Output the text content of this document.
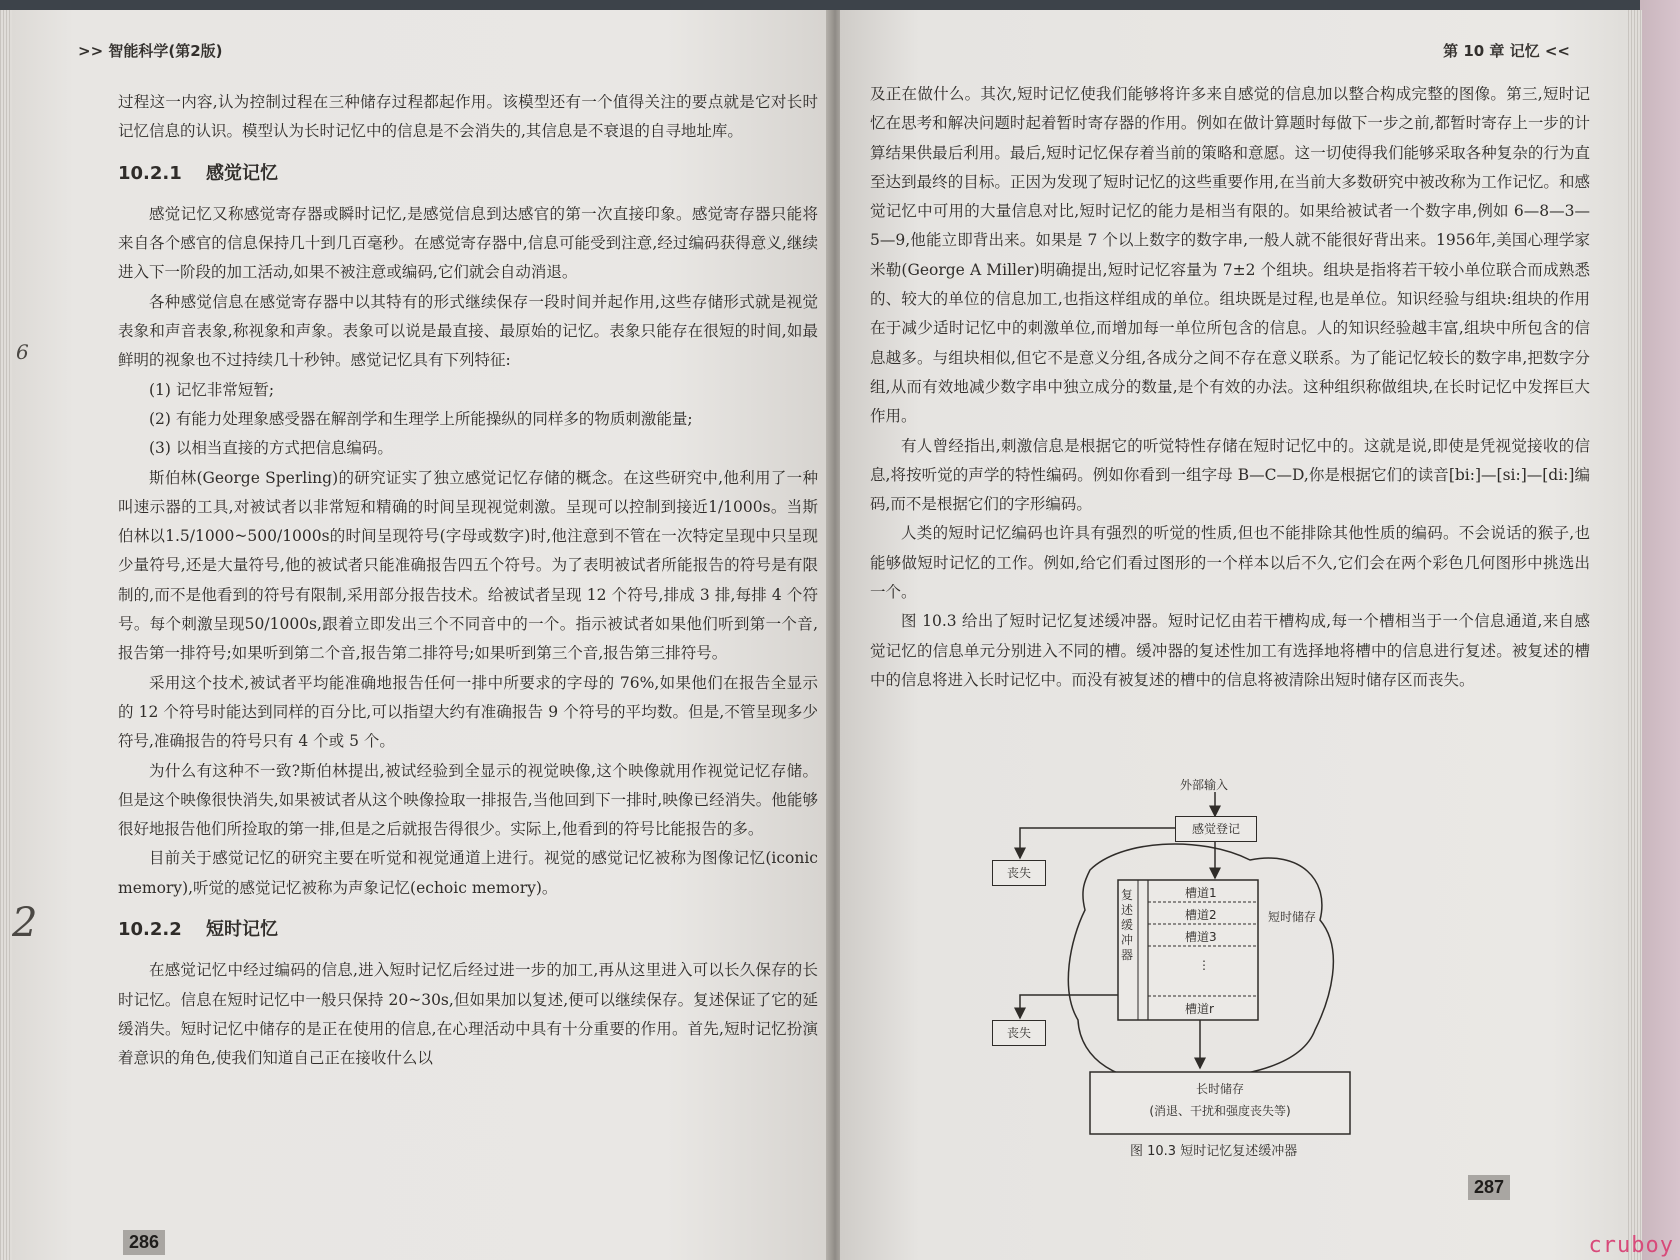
>> 智能科学(第2版)

过程这一内容,认为控制过程在三种储存过程都起作用。该模型还有一个值得关注的要点就是它对长时记忆信息的认识。模型认为长时记忆中的信息是不会消失的,其信息是不衰退的自寻地址库。

10.2.1 感觉记忆

感觉记忆又称感觉寄存器或瞬时记忆,是感觉信息到达感官的第一次直接印象。感觉寄存器只能将来自各个感官的信息保持几十到几百毫秒。在感觉寄存器中,信息可能受到注意,经过编码获得意义,继续进入下一阶段的加工活动,如果不被注意或编码,它们就会自动消退。

各种感觉信息在感觉寄存器中以其特有的形式继续保存一段时间并起作用,这些存储形式就是视觉表象和声音表象,称视象和声象。表象可以说是最直接、最原始的记忆。表象只能存在很短的时间,如最鲜明的视象也不过持续几十秒钟。感觉记忆具有下列特征:

(1) 记忆非常短暂;

(2) 有能力处理象感受器在解剖学和生理学上所能操纵的同样多的物质刺激能量;

(3) 以相当直接的方式把信息编码。

斯伯林(George Sperling)的研究证实了独立感觉记忆存储的概念。在这些研究中,他利用了一种叫速示器的工具,对被试者以非常短和精确的时间呈现视觉刺激。呈现可以控制到接近1/1000s。当斯伯林以1.5/1000~500/1000s的时间呈现符号(字母或数字)时,他注意到不管在一次特定呈现中只呈现少量符号,还是大量符号,他的被试者只能准确报告四五个符号。为了表明被试者所能报告的符号是有限制的,而不是他看到的符号有限制,采用部分报告技术。给被试者呈现 12 个符号,排成 3 排,每排 4 个符号。每个刺激呈现50/1000s,跟着立即发出三个不同音中的一个。指示被试者如果他们听到第一个音,报告第一排符号;如果听到第二个音,报告第二排符号;如果听到第三个音,报告第三排符号。

采用这个技术,被试者平均能准确地报告任何一排中所要求的字母的 76%,如果他们在报告全显示的 12 个符号时能达到同样的百分比,可以指望大约有准确报告 9 个符号的平均数。但是,不管呈现多少符号,准确报告的符号只有 4 个或 5 个。

为什么有这种不一致?斯伯林提出,被试经验到全显示的视觉映像,这个映像就用作视觉记忆存储。但是这个映像很快消失,如果被试者从这个映像捡取一排报告,当他回到下一排时,映像已经消失。他能够很好地报告他们所捡取的第一排,但是之后就报告得很少。实际上,他看到的符号比能报告的多。

目前关于感觉记忆的研究主要在听觉和视觉通道上进行。视觉的感觉记忆被称为图像记忆(iconic memory),听觉的感觉记忆被称为声象记忆(echoic memory)。

10.2.2 短时记忆

在感觉记忆中经过编码的信息,进入短时记忆后经过进一步的加工,再从这里进入可以长久保存的长时记忆。信息在短时记忆中一般只保持 20~30s,但如果加以复述,便可以继续保存。复述保证了它的延缓消失。短时记忆中储存的是正在使用的信息,在心理活动中具有十分重要的作用。首先,短时记忆扮演着意识的角色,使我们知道自己正在接收什么以

286
6
2
第 10 章 记忆 <<

及正在做什么。其次,短时记忆使我们能够将许多来自感觉的信息加以整合构成完整的图像。第三,短时记忆在思考和解决问题时起着暂时寄存器的作用。例如在做计算题时每做下一步之前,都暂时寄存上一步的计算结果供最后利用。最后,短时记忆保存着当前的策略和意愿。这一切使得我们能够采取各种复杂的行为直至达到最终的目标。正因为发现了短时记忆的这些重要作用,在当前大多数研究中被改称为工作记忆。和感觉记忆中可用的大量信息对比,短时记忆的能力是相当有限的。如果给被试者一个数字串,例如 6—8—3—5—9,他能立即背出来。如果是 7 个以上数字的数字串,一般人就不能很好背出来。1956年,美国心理学家米勒(George A Miller)明确提出,短时记忆容量为 7±2 个组块。组块是指将若干较小单位联合而成熟悉的、较大的单位的信息加工,也指这样组成的单位。组块既是过程,也是单位。知识经验与组块:组块的作用在于减少适时记忆中的刺激单位,而增加每一单位所包含的信息。人的知识经验越丰富,组块中所包含的信息越多。与组块相似,但它不是意义分组,各成分之间不存在意义联系。为了能记忆较长的数字串,把数字分组,从而有效地减少数字串中独立成分的数量,是个有效的办法。这种组织称做组块,在长时记忆中发挥巨大作用。

有人曾经指出,刺激信息是根据它的听觉特性存储在短时记忆中的。这就是说,即使是凭视觉接收的信息,将按听觉的声学的特性编码。例如你看到一组字母 B—C—D,你是根据它们的读音[bi:]—[si:]—[di:]编码,而不是根据它们的字形编码。

人类的短时记忆编码也许具有强烈的听觉的性质,但也不能排除其他性质的编码。不会说话的猴子,也能够做短时记忆的工作。例如,给它们看过图形的一个样本以后不久,它们会在两个彩色几何图形中挑选出一个。

图 10.3 给出了短时记忆复述缓冲器。短时记忆由若干槽构成,每一个槽相当于一个信息通道,来自感觉记忆的信息单元分别进入不同的槽。缓冲器的复述性加工有选择地将槽中的信息进行复述。被复述的槽中的信息将进入长时记忆中。而没有被复述的槽中的信息将被清除出短时储存区而丧失。

287
外部输入
感觉登记
丧失
丧失
复述缓冲器
槽道1
槽道2
槽道3
⋮
槽道r
短时储存
长时储存
(消退、干扰和强度丧失等)
图 10.3 短时记忆复述缓冲器
cruboy
